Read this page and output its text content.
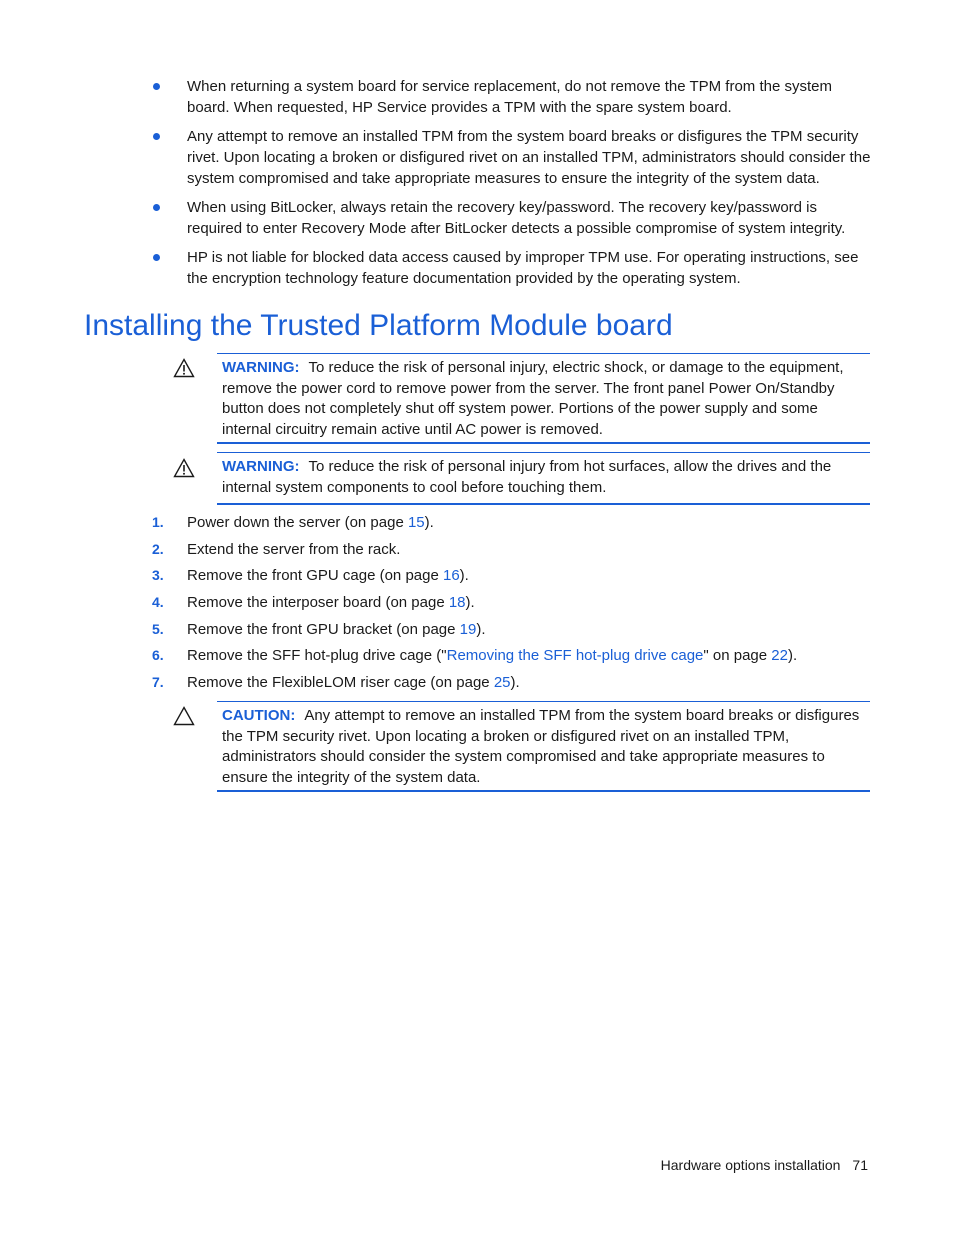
When returning a system board for service replacement, do not remove the TPM from the system board. When requested, HP Service provides a TPM with the spare system board.
Any attempt to remove an installed TPM from the system board breaks or disfigures the TPM security rivet. Upon locating a broken or disfigured rivet on an installed TPM, administrators should consider the system compromised and take appropriate measures to ensure the integrity of the system data.
When using BitLocker, always retain the recovery key/password. The recovery key/password is required to enter Recovery Mode after BitLocker detects a possible compromise of system integrity.
HP is not liable for blocked data access caused by improper TPM use. For operating instructions, see the encryption technology feature documentation provided by the operating system.
Installing the Trusted Platform Module board
WARNING: To reduce the risk of personal injury, electric shock, or damage to the equipment, remove the power cord to remove power from the server. The front panel Power On/Standby button does not completely shut off system power. Portions of the power supply and some internal circuitry remain active until AC power is removed.
WARNING: To reduce the risk of personal injury from hot surfaces, allow the drives and the internal system components to cool before touching them.
1. Power down the server (on page 15).
2. Extend the server from the rack.
3. Remove the front GPU cage (on page 16).
4. Remove the interposer board (on page 18).
5. Remove the front GPU bracket (on page 19).
6. Remove the SFF hot-plug drive cage ("Removing the SFF hot-plug drive cage" on page 22).
7. Remove the FlexibleLOM riser cage (on page 25).
CAUTION: Any attempt to remove an installed TPM from the system board breaks or disfigures the TPM security rivet. Upon locating a broken or disfigured rivet on an installed TPM, administrators should consider the system compromised and take appropriate measures to ensure the integrity of the system data.
Hardware options installation 71
